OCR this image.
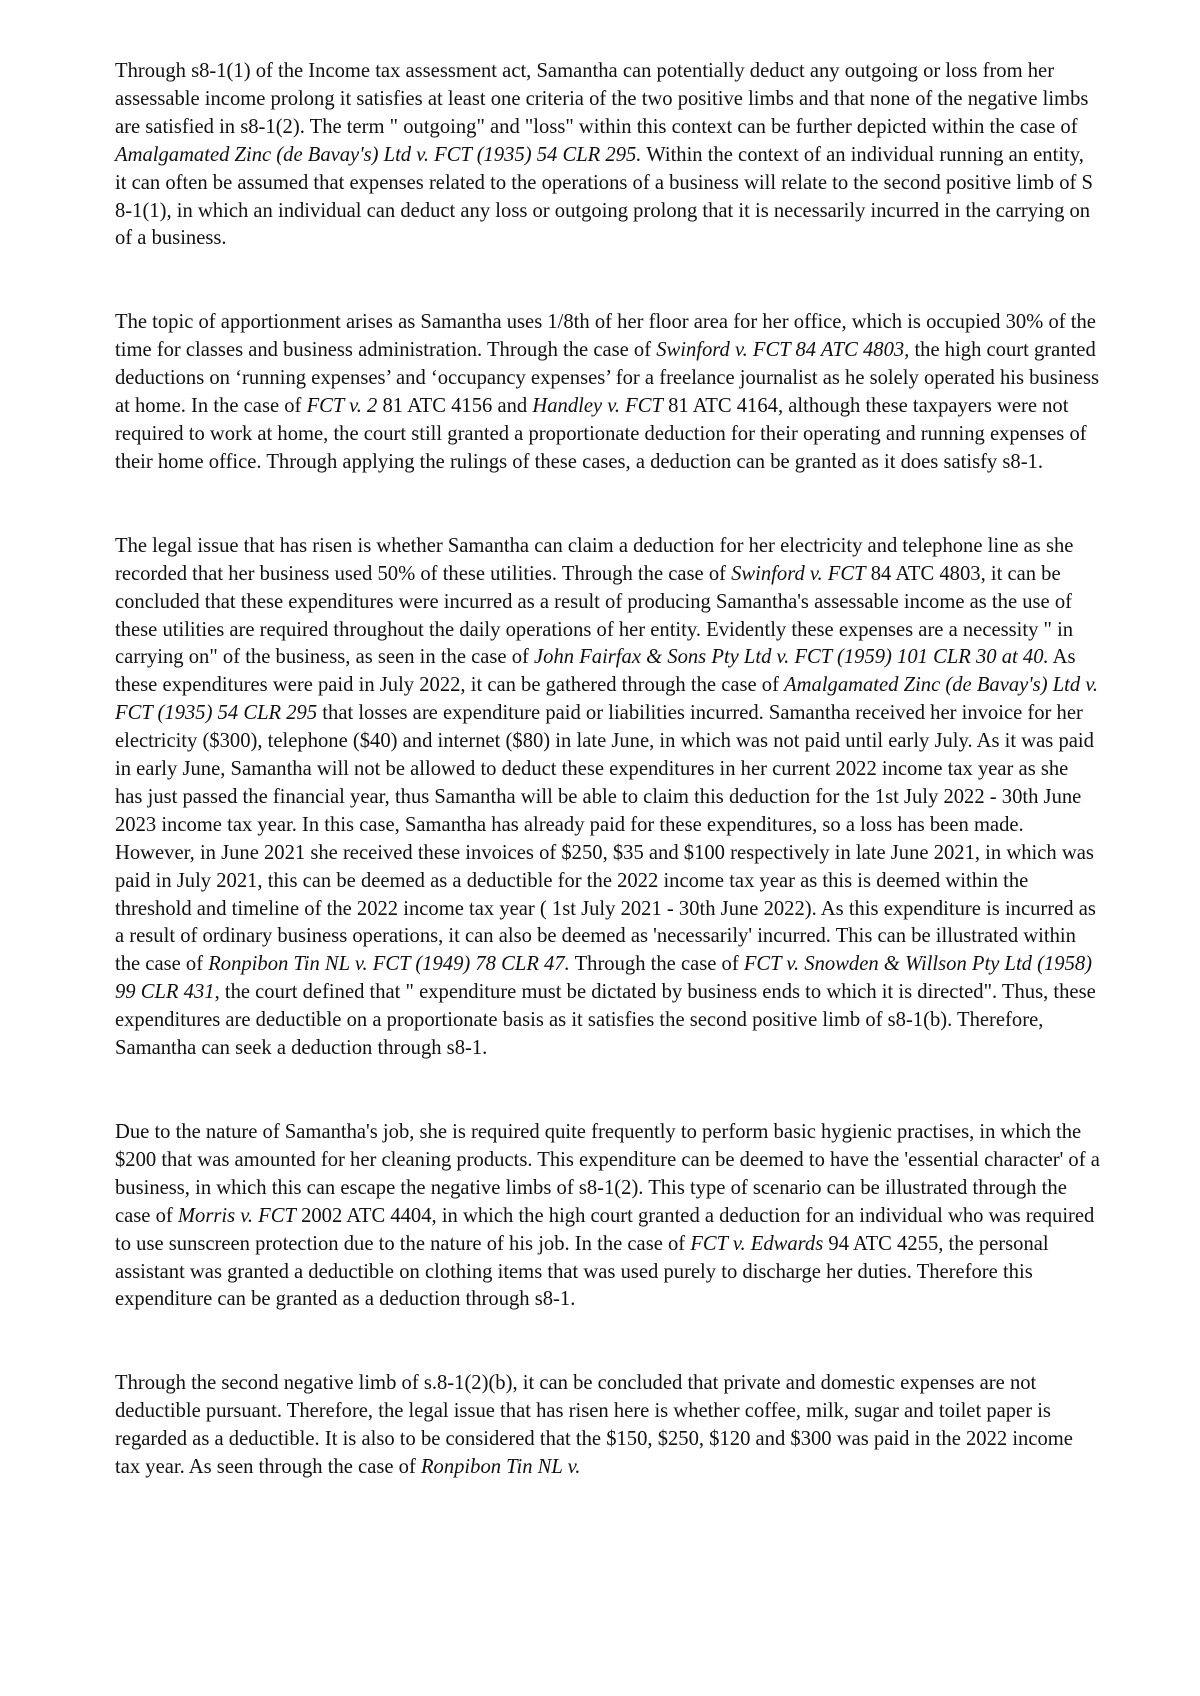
Through s8-1(1) of the Income tax assessment act, Samantha can potentially deduct any outgoing or loss from her assessable income prolong it satisfies at least one criteria of the two positive limbs and that none of the negative limbs are satisfied in s8-1(2). The term " outgoing" and "loss" within this context can be further depicted within the case of Amalgamated Zinc (de Bavay's) Ltd v. FCT (1935) 54 CLR 295. Within the context of an individual running an entity, it can often be assumed that expenses related to the operations of a business will relate to the second positive limb of S 8-1(1), in which an individual can deduct any loss or outgoing prolong that it is necessarily incurred in the carrying on of a business.

The topic of apportionment arises as Samantha uses 1/8th of her floor area for her office, which is occupied 30% of the time for classes and business administration. Through the case of Swinford v. FCT 84 ATC 4803, the high court granted deductions on ‘running expenses’ and ‘occupancy expenses’ for a freelance journalist as he solely operated his business at home. In the case of FCT v. 2 81 ATC 4156 and Handley v. FCT 81 ATC 4164, although these taxpayers were not required to work at home, the court still granted a proportionate deduction for their operating and running expenses of their home office. Through applying the rulings of these cases, a deduction can be granted as it does satisfy s8-1.

The legal issue that has risen is whether Samantha can claim a deduction for her electricity and telephone line as she recorded that her business used 50% of these utilities. Through the case of Swinford v. FCT 84 ATC 4803, it can be concluded that these expenditures were incurred as a result of producing Samantha's assessable income as the use of these utilities are required throughout the daily operations of her entity. Evidently these expenses are a necessity " in carrying on" of the business, as seen in the case of John Fairfax & Sons Pty Ltd v. FCT (1959) 101 CLR 30 at 40. As these expenditures were paid in July 2022, it can be gathered through the case of Amalgamated Zinc (de Bavay's) Ltd v. FCT (1935) 54 CLR 295 that losses are expenditure paid or liabilities incurred. Samantha received her invoice for her electricity ($300), telephone ($40) and internet ($80) in late June, in which was not paid until early July. As it was paid in early June, Samantha will not be allowed to deduct these expenditures in her current 2022 income tax year as she has just passed the financial year, thus Samantha will be able to claim this deduction for the 1st July 2022 - 30th June 2023 income tax year. In this case, Samantha has already paid for these expenditures, so a loss has been made. However, in June 2021 she received these invoices of $250, $35 and $100 respectively in late June 2021, in which was paid in July 2021, this can be deemed as a deductible for the 2022 income tax year as this is deemed within the threshold and timeline of the 2022 income tax year ( 1st July 2021 - 30th June 2022). As this expenditure is incurred as a result of ordinary business operations, it can also be deemed as 'necessarily' incurred. This can be illustrated within the case of Ronpibon Tin NL v. FCT (1949) 78 CLR 47. Through the case of FCT v. Snowden & Willson Pty Ltd (1958) 99 CLR 431, the court defined that " expenditure must be dictated by business ends to which it is directed". Thus, these expenditures are deductible on a proportionate basis as it satisfies the second positive limb of s8-1(b). Therefore, Samantha can seek a deduction through s8-1.

Due to the nature of Samantha's job, she is required quite frequently to perform basic hygienic practises, in which the $200 that was amounted for her cleaning products. This expenditure can be deemed to have the 'essential character' of a business, in which this can escape the negative limbs of s8-1(2). This type of scenario can be illustrated through the case of Morris v. FCT 2002 ATC 4404, in which the high court granted a deduction for an individual who was required to use sunscreen protection due to the nature of his job. In the case of FCT v. Edwards 94 ATC 4255, the personal assistant was granted a deductible on clothing items that was used purely to discharge her duties. Therefore this expenditure can be granted as a deduction through s8-1.

Through the second negative limb of s.8-1(2)(b), it can be concluded that private and domestic expenses are not deductible pursuant. Therefore, the legal issue that has risen here is whether coffee, milk, sugar and toilet paper is regarded as a deductible. It is also to be considered that the $150, $250, $120 and $300 was paid in the 2022 income tax year. As seen through the case of Ronpibon Tin NL v.
